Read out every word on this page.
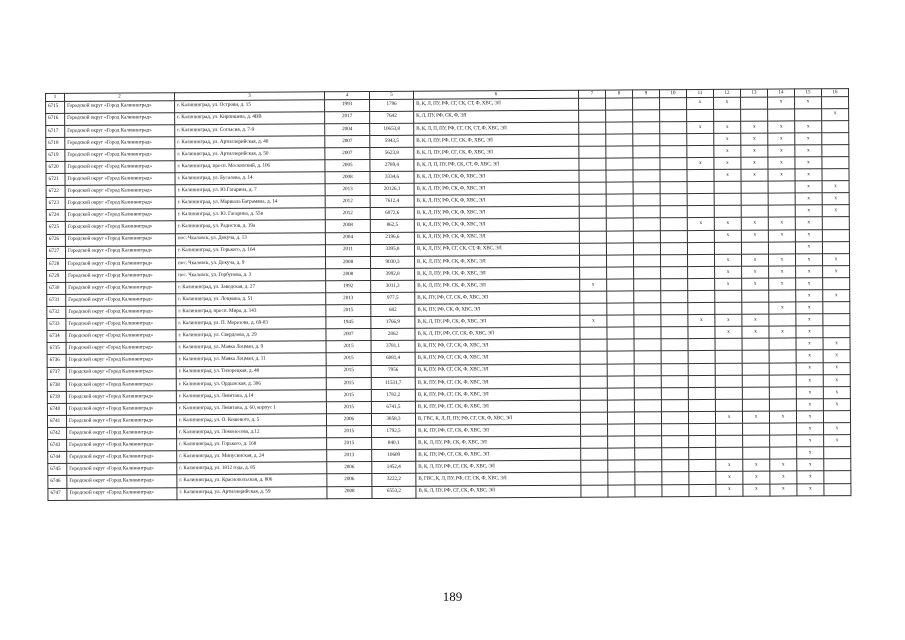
1	2	3	4	5	6	7	8	9	10	11	12	13	14	15	16
6715	Городской округ «Город Калининград»	г. Калининград, ул. Островн, д. 15	1993	1796	В, К, Л, ПУ, РФ, СГ, СК, СТ, Ф, ХВС, ЭЛ					x	x		x	x	
6716	Городской округ «Город Калининград»	г. Калининград, ул. Кирпишева, д. 4ВВ	2017	7642	К, Л, ПУ, РФ, СК, Ф, ЭЛ										x
6717	Городской округ «Город Калининград»	г. Калининград, ул. Согласия, д. 7-9	2004	10653,8	В, К, Л, П, ПУ, РФ, СГ, СК, СТ, Ф, ХВС, ЭЛ					x	x	x	x	x	
6718	Городской округ «Город Калининград»	г. Калининград, ул. Артиллерийская, д. 48	2007	5943,5	В, К, Л, ПУ, РФ, СГ, СК, Ф, ХВС, ЭЛ						x	x	x	x	
6719	Городской округ «Город Калининград»	г. Калининград, ул. Артиллерийская, д. 50	2007	5623,8	В, К, Л, ПУ, РФ, СГ, СК, Ф, ХВС, ЭЛ						x	x	x	x	
6720	Городской округ «Город Калининград»	г. Калининград, просп. Московский, д. 106	2005	2789,4	В, К, Л, П, ПУ, РФ, СК, СТ, Ф, ХВС, ЭЛ					x	x	x	x	x	
6721	Городской округ «Город Калининград»	г. Калининград, ул. Бусалова, д. 14	2008	3334,6	В, К, Л, ПУ, РФ, СК, Ф, ХВС, ЭЛ						x	x	x	x	
6722	Городской округ «Город Калининград»	г. Калининград, ул. Ю.Гагарина, д. 7	2013	20126,1	В, К, Л, ПУ, РФ, СК, Ф, ХВС, ЭЛ									x	x
6723	Городской округ «Город Калининград»	г. Калининград, ул. Маршала Баграмяна, д. 14	2012	7612,4	В, К, Л, ПУ, РФ, СК, Ф, ХВС, ЭЛ									x	x
6724	Городской округ «Город Калининград»	г. Калининград, ул. Ю. Гагарина, д. 55в	2012	6072,6	В, К, Л, ПУ, РФ, СК, Ф, ХВС, ЭЛ									x	x
6725	Городской округ «Город Калининград»	г. Калининград, ул. Радистов, д. 19а	2008	862,5	В, К, Л, ПУ, РФ, СК, Ф, ХВС, ЭЛ					x	x	x	x	x	
6726	Городской округ «Город Калининград»	пос. Чкаловск, ул. Докуча, д. 13	2004	2196,6	В, К, Л, ПУ, РФ, СК, Ф, ХВС, ЭЛ						x	x	x	x	
6727	Городской округ «Город Калининград»	г. Калининград, ул. Горького, д. 164	2011	3395,8	В, К, Л, ПУ, РФ, СГ, СК, СТ, Ф, ХВС, ЭЛ									x	
6728	Городской округ «Город Калининград»	пос. Чкаловск, ул. Докуча, д. 9	2008	9030,3	В, К, Л, ПУ, РФ, СК, Ф, ХВС, ЭЛ						x	x	x	x	x
6729	Городской округ «Город Калининград»	пос. Чкаловск, ул. Горбунова, д. 3	2008	3992,8	В, К, Л, ПУ, РФ, СК, Ф, ХВС, ЭЛ						x	x	x	x	x
6730	Городской округ «Город Калининград»	г. Калининград, ул. Заводская, д. 27	1992	3011,3	В, К, Л, ПУ, РФ, СК, Ф, ХВС, ЭЛ	x					x	x	x	x	
6731	Городской округ «Город Калининград»	г. Калининград, ул. Лоцмана, д. 51	2013	977,5	В, К, ПУ, РФ, СГ, СК, Ф, ХВС, ЭЛ									x	x
6732	Городской округ «Город Калининград»	г. Калининград, просп. Мира, д. 143	2015	682	В, К, ПУ, РФ, СК, Ф, ХВС, ЭЛ								x	x	
6733	Городской округ «Город Калининград»	г. Калининград, ул. П. Морозова, д. 69-83	1945	1766,9	В, К, Л, ПУ, РФ, СК, Ф, ХВС, ЭЛ	x				x	x	x		x	
6734	Городской округ «Город Калининград»	г. Калининград, ул. Свердлова, д. 29	2007	2862	В, К, Л, ПУ, РФ, СГ, СК, Ф, ХВС, ЭЛ						x	x	x	x	
6735	Городской округ «Город Калининград»	г. Калининград, ул. Маяка Лоцман, д. 9	2015	3781,1	В, К, ПУ, РФ, СГ, СК, Ф, ХВС, ЭЛ									x	x
6736	Городской округ «Город Калининград»	г. Калининград, ул. Маяка Лоцман, д. 11	2015	6081,4	В, К, ПУ, РФ, СГ, СК, Ф, ХВС, ЭЛ									x	x
6737	Городской округ «Город Калининград»	г. Калининград, ул. Тихорецкая, д. 48	2015	7956	В, К, ПУ, РФ, СГ, СК, Ф, ХВС, ЭЛ									x	x
6738	Городской округ «Город Калининград»	г. Калининград, ул. Ордынская, д. 306	2015	11531,7	В, К, ПУ, РФ, СГ, СК, Ф, ХВС, ЭЛ									x	x
6739	Городской округ «Город Калининград»	г. Калининград, ул. Левитана, д.14	2015	1782,2	В, К, ПУ, РФ, СГ, СК, Ф, ХВС, ЭЛ									x	x
6740	Городской округ «Город Калининград»	г. Калининград, ул. Левитана, д. 60, корпус 1	2015	6741,5	В, К, ПУ, РФ, СГ, СК, Ф, ХВС, ЭЛ									x	x
6741	Городской округ «Город Калининград»	г. Калининград, ул. О. Кошевого, д. 5	2006	3858,3	В, ГВС, К, Л, П, ПУ, РФ, СГ, СК, Ф, ХВС, ЭЛ						x	x	x	x	
6742	Городской округ «Город Калининград»	г. Калининград, ул. Ломоносова, д.12	2015	1792,5	В, К, ПУ, РФ, СГ, СК, Ф, ХВС, ЭЛ									x	x
6743	Городской округ «Город Калининград»	г. Калининград, ул. Горького, д. 168	2015	840,1	В, К, Л, ПУ, РФ, СК, Ф, ХВС, ЭЛ									x	x
6744	Городской округ «Город Калининград»	г. Калининград, ул. Минусинская, д. 24	2013	10609	В, К, ПУ, РФ, СГ, СК, Ф, ХВС, ЭЛ									x	
6745	Городской округ «Город Калининград»	г. Калининград, ул. 1812 года, д. 85	2006	1452,4	В, К, Л, ПУ, РФ, СГ, СК, Ф, ХВС, ЭЛ						x	x	x	x	
6746	Городской округ «Город Калининград»	г. Калининград, ул. Краснопольская, д. 806	2006	3222,2	В, ГВС, К, Л, ПУ, РФ, СГ, СК, Ф, ХВС, ЭЛ						x	x	x	x	
6747	Городской округ «Город Калининград»	г. Калининград, ул. Артиллерийская, д. 59	2008	6553,2	В, К, Л, ПУ, РФ, СГ, СК, Ф, ХВС, ЭЛ						x	x	x	x	
189
